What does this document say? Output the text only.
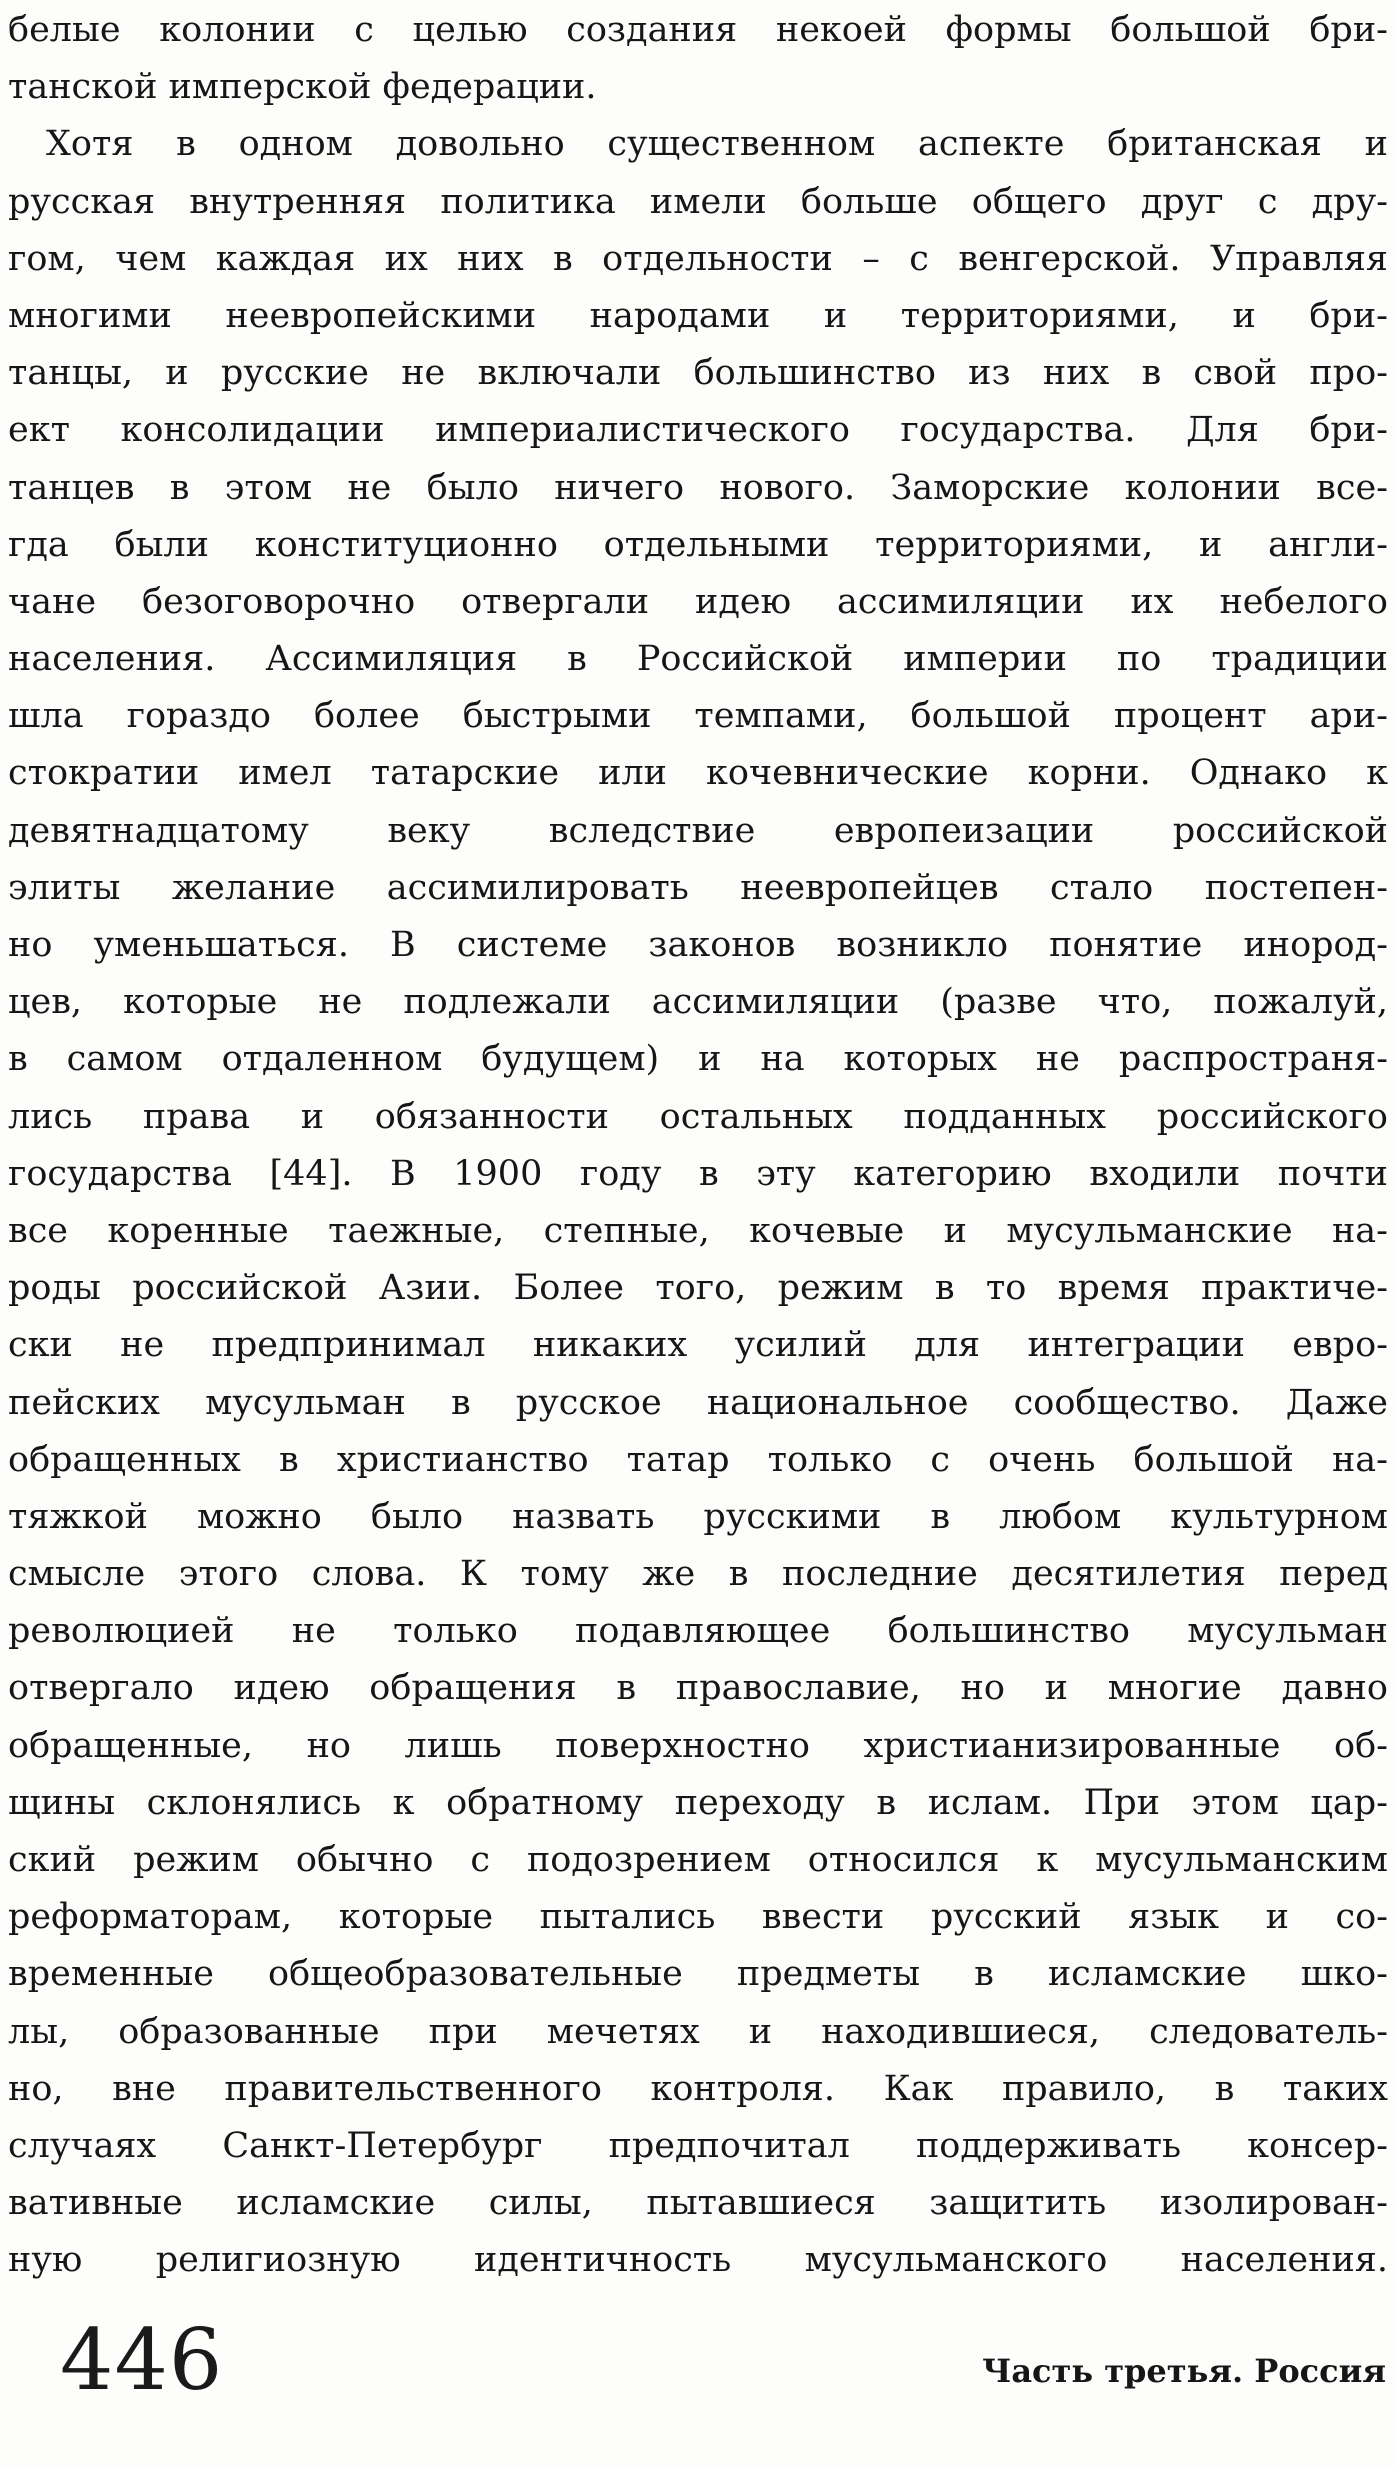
белые колонии с целью создания некоей формы большой бри-
танской имперской федерации.
Хотя в одном довольно существенном аспекте британская и
русская внутренняя политика имели больше общего друг с дру-
гом, чем каждая их них в отдельности – с венгерской. Управляя
многими неевропейскими народами и территориями, и бри-
танцы, и русские не включали большинство из них в свой про-
ект консолидации империалистического государства. Для бри-
танцев в этом не было ничего нового. Заморские колонии все-
гда были конституционно отдельными территориями, и англи-
чане безоговорочно отвергали идею ассимиляции их небелого
населения. Ассимиляция в Российской империи по традиции
шла гораздо более быстрыми темпами, большой процент ари-
стократии имел татарские или кочевнические корни. Однако к
девятнадцатому веку вследствие европеизации российской
элиты желание ассимилировать неевропейцев стало постепен-
но уменьшаться. В системе законов возникло понятие инород-
цев, которые не подлежали ассимиляции (разве что, пожалуй,
в самом отдаленном будущем) и на которых не распространя-
лись права и обязанности остальных подданных российского
государства [44]. В 1900 году в эту категорию входили почти
все коренные таежные, степные, кочевые и мусульманские на-
роды российской Азии. Более того, режим в то время практиче-
ски не предпринимал никаких усилий для интеграции евро-
пейских мусульман в русское национальное сообщество. Даже
обращенных в христианство татар только с очень большой на-
тяжкой можно было назвать русскими в любом культурном
смысле этого слова. К тому же в последние десятилетия перед
революцией не только подавляющее большинство мусульман
отвергало идею обращения в православие, но и многие давно
обращенные, но лишь поверхностно христианизированные об-
щины склонялись к обратному переходу в ислам. При этом цар-
ский режим обычно с подозрением относился к мусульманским
реформаторам, которые пытались ввести русский язык и со-
временные общеобразовательные предметы в исламские шко-
лы, образованные при мечетях и находившиеся, следователь-
но, вне правительственного контроля. Как правило, в таких
случаях Санкт-Петербург предпочитал поддерживать консер-
вативные исламские силы, пытавшиеся защитить изолирован-
ную религиозную идентичность мусульманского населения.
446	Часть третья. Россия
